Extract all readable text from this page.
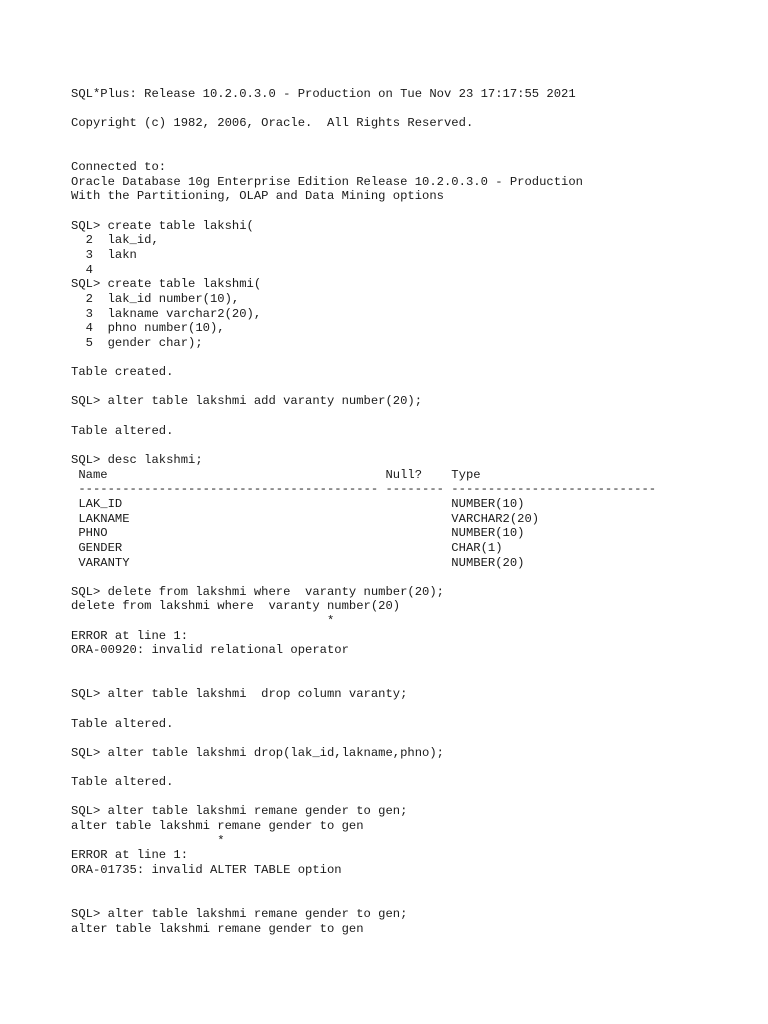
SQL*Plus: Release 10.2.0.3.0 - Production on Tue Nov 23 17:17:55 2021

Copyright (c) 1982, 2006, Oracle.  All Rights Reserved.

Connected to:
Oracle Database 10g Enterprise Edition Release 10.2.0.3.0 - Production
With the Partitioning, OLAP and Data Mining options

SQL> create table lakshi(
2  lak_id,
3  lakn
4
SQL> create table lakshmi(
2  lak_id number(10),
3  lakname varchar2(20),
4  phno number(10),
5  gender char);

Table created.

SQL> alter table lakshmi add varanty number(20);

Table altered.

SQL> desc lakshmi;
Name                                      Null?    Type
----------------------------------------- -------- ----------------------------
LAK_ID                                             NUMBER(10)
LAKNAME                                            VARCHAR2(20)
PHNO                                               NUMBER(10)
GENDER                                             CHAR(1)
VARANTY                                            NUMBER(20)

SQL> delete from lakshmi where  varanty number(20);
delete from lakshmi where  varanty number(20)
*
ERROR at line 1:
ORA-00920: invalid relational operator

SQL> alter table lakshmi  drop column varanty;

Table altered.

SQL> alter table lakshmi drop(lak_id,lakname,phno);

Table altered.

SQL> alter table lakshmi remane gender to gen;
alter table lakshmi remane gender to gen
*
ERROR at line 1:
ORA-01735: invalid ALTER TABLE option

SQL> alter table lakshmi remane gender to gen;
alter table lakshmi remane gender to gen
